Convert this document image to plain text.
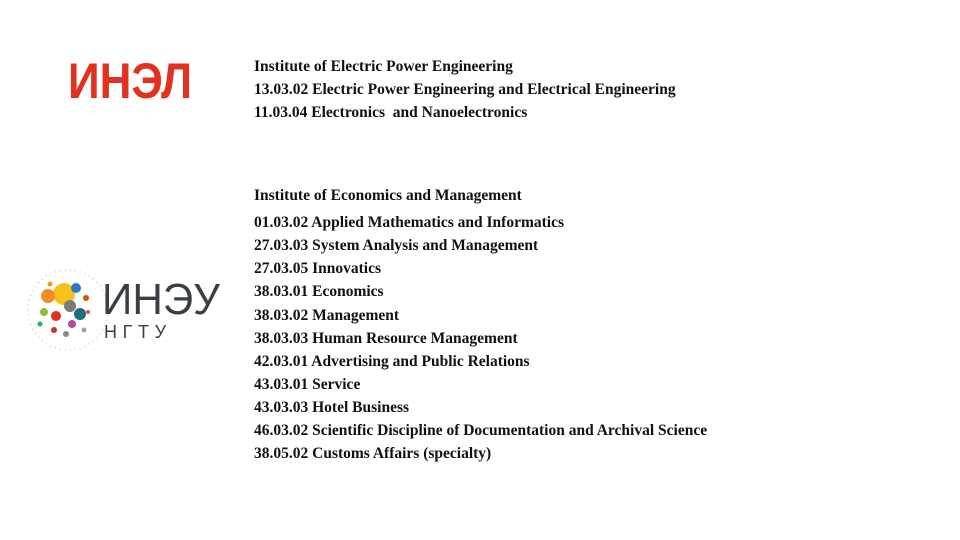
ИНЭЛ	Institute of Electric Power Engineering
13.03.02 Electric Power Engineering and Electrical Engineering
11.03.04 Electronics  and Nanoelectronics
ИНЭУ
НГТУ
Institute of Economics and Management
01.03.02 Applied Mathematics and Informatics
27.03.03 System Analysis and Management
27.03.05 Innovatics
38.03.01 Economics
38.03.02 Management
38.03.03 Human Resource Management
42.03.01 Advertising and Public Relations
43.03.01 Service
43.03.03 Hotel Business
46.03.02 Scientific Discipline of Documentation and Archival Science
38.05.02 Customs Affairs (specialty)
